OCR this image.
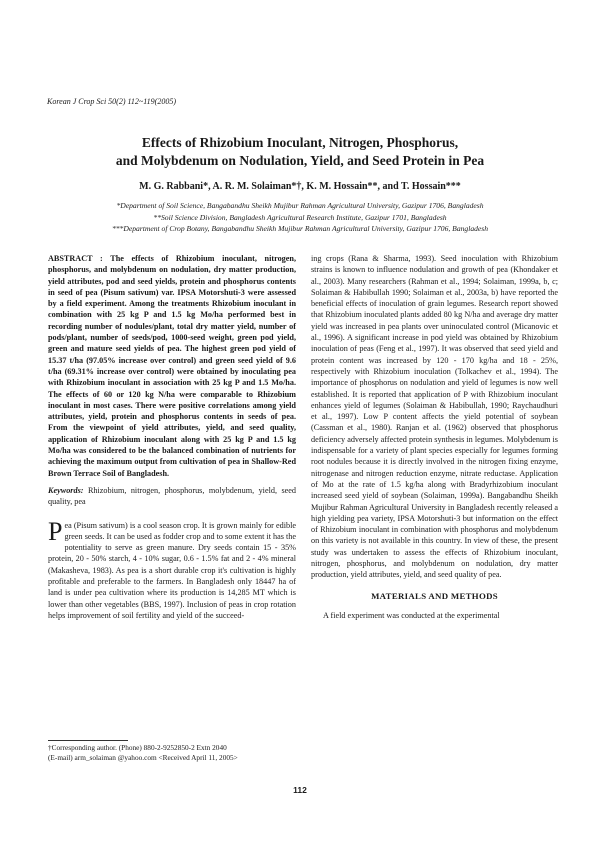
Korean J Crop Sci 50(2) 112~119(2005)
Effects of Rhizobium Inoculant, Nitrogen, Phosphorus,
and Molybdenum on Nodulation, Yield, and Seed Protein in Pea
M. G. Rabbani*, A. R. M. Solaiman*†, K. M. Hossain**, and T. Hossain***
*Department of Soil Science, Bangabandhu Sheikh Mujibur Rahman Agricultural University, Gazipur 1706, Bangladesh
**Soil Science Division, Bangladesh Agricultural Research Institute, Gazipur 1701, Bangladesh
***Department of Crop Botany, Bangabandhu Sheikh Mujibur Rahman Agricultural University, Gazipur 1706, Bangladesh

ABSTRACT : The effects of Rhizobium inoculant, nitrogen, phosphorus, and molybdenum on nodulation, dry matter production, yield attributes, pod and seed yields, protein and phosphorus contents in seed of pea (Pisum sativum) var. IPSA Motorshuti-3 were assessed by a field experiment. Among the treatments Rhizobium inoculant in combination with 25 kg P and 1.5 kg Mo/ha performed best in recording number of nodules/plant, total dry matter yield, number of pods/plant, number of seeds/pod, 1000-seed weight, green pod yield, green and mature seed yields of pea. The highest green pod yield of 15.37 t/ha (97.05% increase over control) and green seed yield of 9.6 t/ha (69.31% increase over control) were obtained by inoculating pea with Rhizobium inoculant in association with 25 kg P and 1.5 Mo/ha. The effects of 60 or 120 kg N/ha were comparable to Rhizobium inoculant in most cases. There were positive correlations among yield attributes, yield, protein and phosphorus contents in seeds of pea. From the viewpoint of yield attributes, yield, and seed quality, application of Rhizobium inoculant along with 25 kg P and 1.5 kg Mo/ha was considered to be the balanced combination of nutrients for achieving the maximum output from cultivation of pea in Shallow-Red Brown Terrace Soil of Bangladesh.

Keywords: Rhizobium, nitrogen, phosphorus, molybdenum, yield, seed quality, pea

P ea (Pisum sativum) is a cool season crop. It is grown mainly for edible green seeds. It can be used as fodder crop and to some extent it has the potentiality to serve as green manure. Dry seeds contain 15 - 35% protein, 20 - 50% starch, 4 - 10% sugar, 0.6 - 1.5% fat and 2 - 4% mineral (Makasheva, 1983). As pea is a short durable crop it's cultivation is highly profitable and preferable to the farmers. In Bangladesh only 18447 ha of land is under pea cultivation where its production is 14,285 MT which is lower than other vegetables (BBS, 1997). Inclusion of peas in crop rotation helps improvement of soil fertility and yield of the succeed-

ing crops (Rana & Sharma, 1993). Seed inoculation with Rhizobium strains is known to influence nodulation and growth of pea (Khondaker et al., 2003). Many researchers (Rahman et al., 1994; Solaiman, 1999a, b, c; Solaiman & Habibullah 1990; Solaiman et al., 2003a, b) have reported the beneficial effects of inoculation of grain legumes. Research report showed that Rhizobium inoculated plants added 80 kg N/ha and average dry matter yield was increased in pea plants over uninoculated control (Micanovic et al., 1996). A significant increase in pod yield was obtained by Rhizobium inoculation of peas (Feng et al., 1997). It was observed that seed yield and protein content was increased by 120 - 170 kg/ha and 18 - 25%, respectively with Rhizobium inoculation (Tolkachev et al., 1994). The importance of phosphorus on nodulation and yield of legumes is now well established. It is reported that application of P with Rhizobium inoculant enhances yield of legumes (Solaiman & Habibullah, 1990; Raychaudhuri et al., 1997). Low P content affects the yield potential of soybean (Cassman et al., 1980). Ranjan et al. (1962) observed that phosphorus deficiency adversely affected protein synthesis in legumes. Molybdenum is indispensable for a variety of plant species especially for legumes forming root nodules because it is directly involved in the nitrogen fixing enzyme, nitrogenase and nitrogen reduction enzyme, nitrate reductase. Application of Mo at the rate of 1.5 kg/ha along with Bradyrhizobium inoculant increased seed yield of soybean (Solaiman, 1999a). Bangabandhu Sheikh Mujibur Rahman Agricultural University in Bangladesh recently released a high yielding pea variety, IPSA Motorshuti-3 but information on the effect of Rhizobium inoculant in combination with phosphorus and molybdenum on this variety is not available in this country. In view of these, the present study was undertaken to assess the effects of Rhizobium inoculant, nitrogen, phosphorus, and molybdenum on nodulation, dry matter production, yield attributes, yield, and seed quality of pea.

MATERIALS AND METHODS

A field experiment was conducted at the experimental

†Corresponding author. (Phone) 880-2-9252850-2 Extn 2040
(E-mail) arm_solaiman @yahoo.com <Received April 11, 2005>
112
